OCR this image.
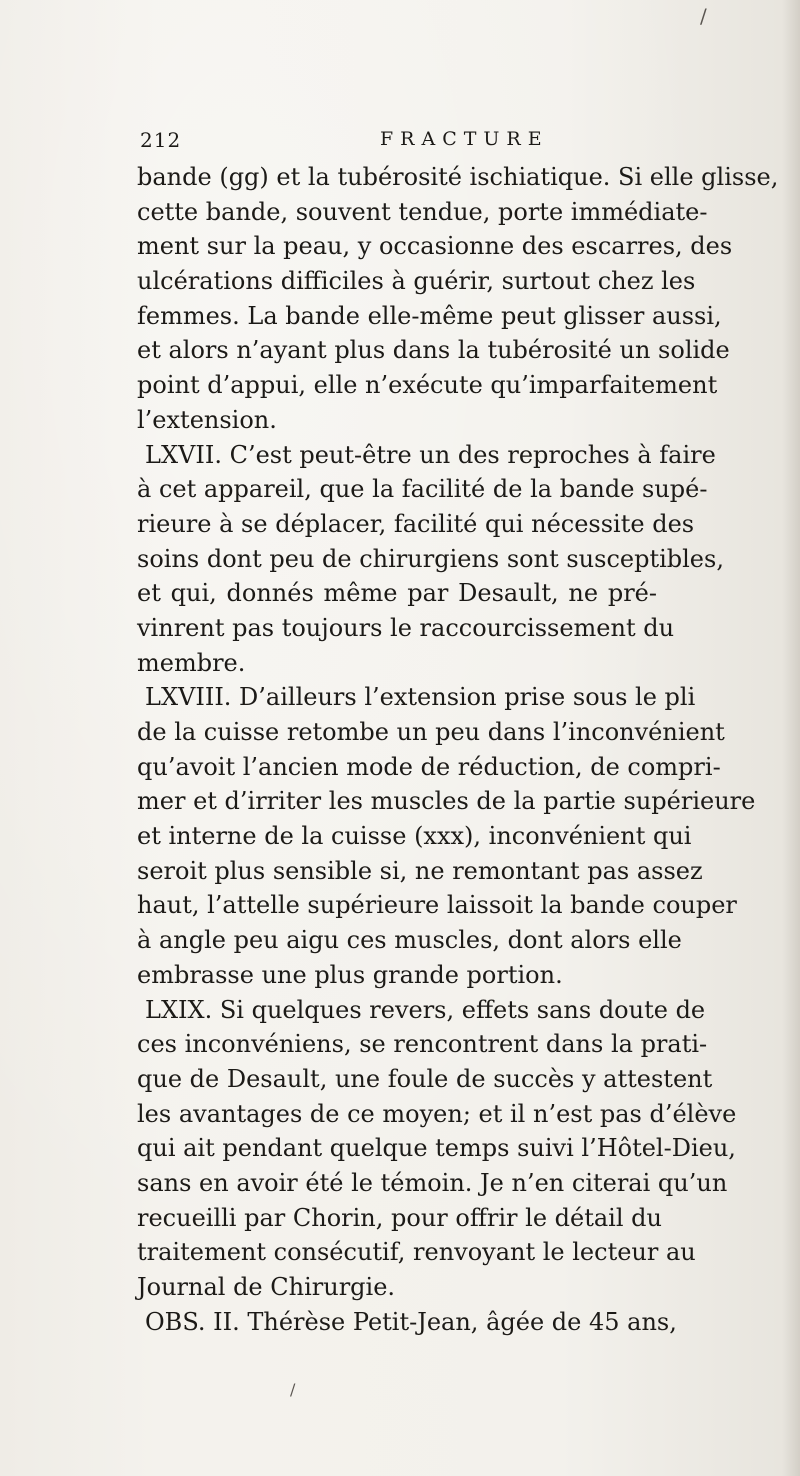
212	FRACTURE
bande (gg) et la tubérosité ischiatique. Si elle glisse,
cette bande, souvent tendue, porte immédiate-
ment sur la peau, y occasionne des escarres, des
ulcérations difficiles à guérir, surtout chez les
femmes. La bande elle-même peut glisser aussi,
et alors n’ayant plus dans la tubérosité un solide
point d’appui, elle n’exécute qu’imparfaitement
l’extension.
LXVII. C’est peut-être un des reproches à faire
à cet appareil, que la facilité de la bande supé-
rieure à se déplacer, facilité qui nécessite des
soins dont peu de chirurgiens sont susceptibles,
et qui, donnés même par Desault, ne pré-
vinrent pas toujours le raccourcissement du
membre.
LXVIII. D’ailleurs l’extension prise sous le pli
de la cuisse retombe un peu dans l’inconvénient
qu’avoit l’ancien mode de réduction, de compri-
mer et d’irriter les muscles de la partie supérieure
et interne de la cuisse (xxx), inconvénient qui
seroit plus sensible si, ne remontant pas assez
haut, l’attelle supérieure laissoit la bande couper
à angle peu aigu ces muscles, dont alors elle
embrasse une plus grande portion.
LXIX. Si quelques revers, effets sans doute de
ces inconvéniens, se rencontrent dans la prati-
que de Desault, une foule de succès y attestent
les avantages de ce moyen; et il n’est pas d’élève
qui ait pendant quelque temps suivi l’Hôtel-Dieu,
sans en avoir été le témoin. Je n’en citerai qu’un
recueilli par Chorin, pour offrir le détail du
traitement consécutif, renvoyant le lecteur au
Journal de Chirurgie.
OBS. II. Thérèse Petit-Jean, âgée de 45 ans,
/
/
